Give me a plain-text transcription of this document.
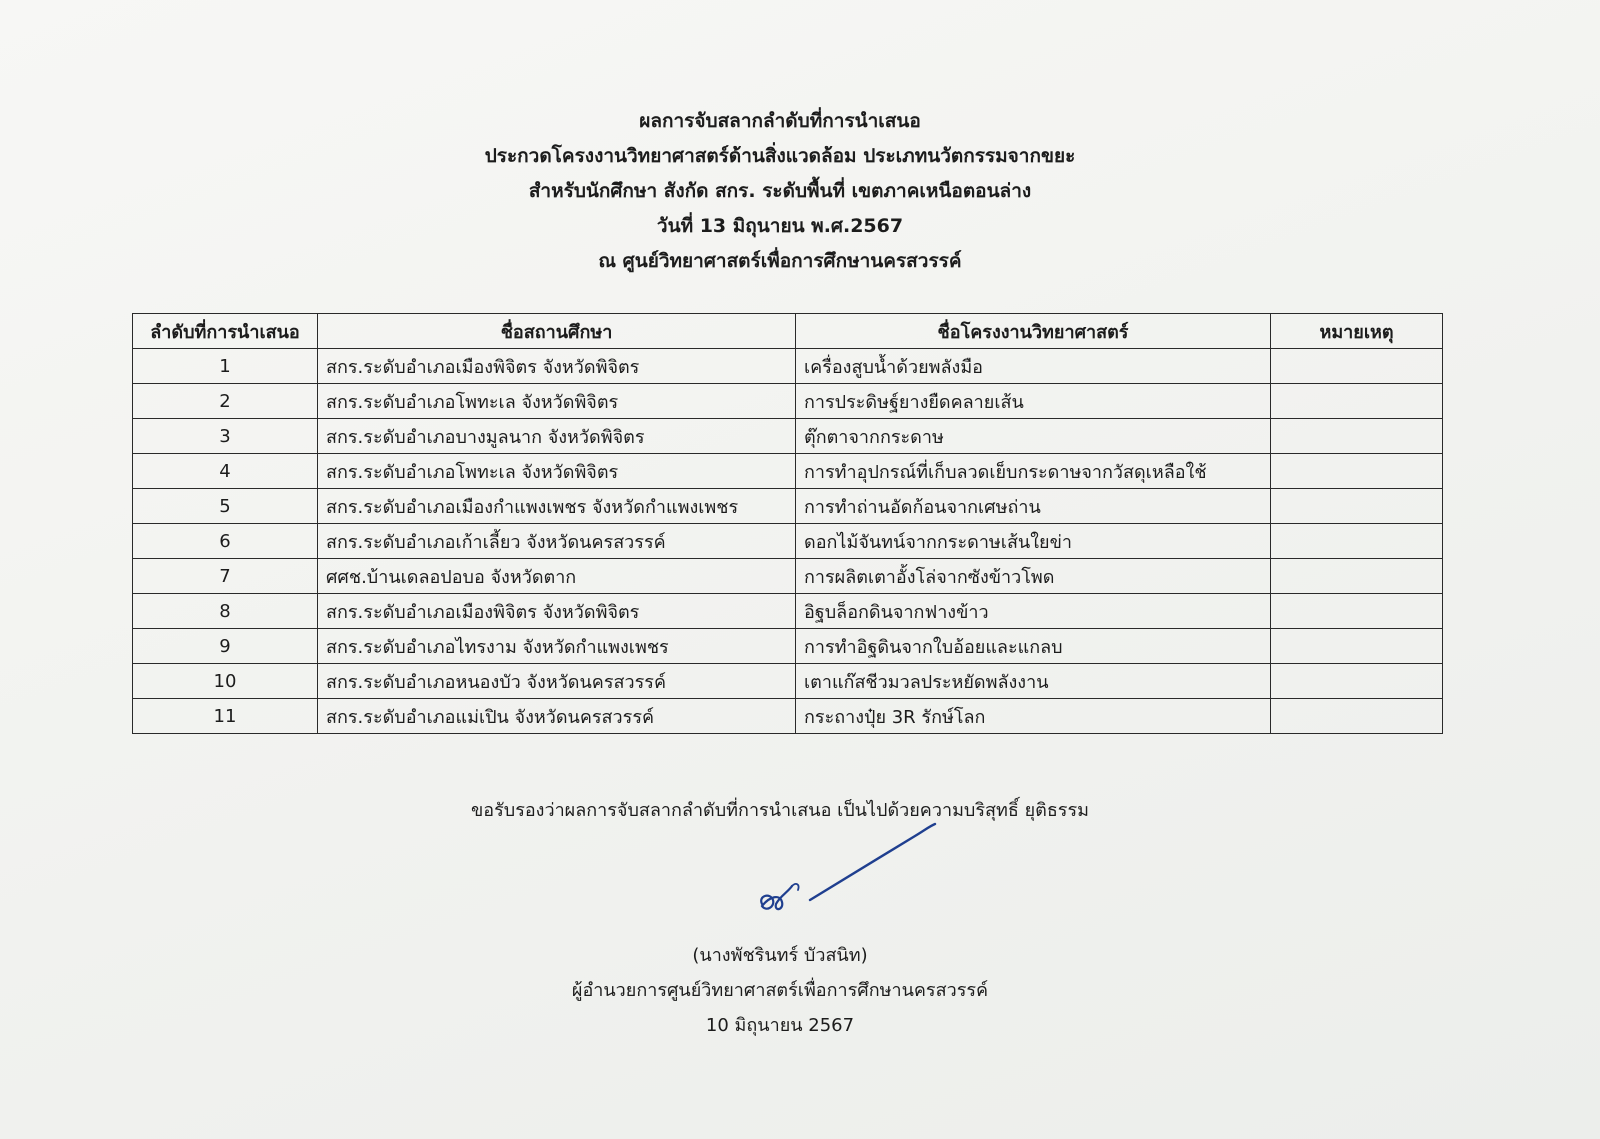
ผลการจับสลากลำดับที่การนำเสนอ
ประกวดโครงงานวิทยาศาสตร์ด้านสิ่งแวดล้อม ประเภทนวัตกรรมจากขยะ
สำหรับนักศึกษา สังกัด สกร. ระดับพื้นที่ เขตภาคเหนือตอนล่าง
วันที่ 13 มิถุนายน พ.ศ.2567
ณ ศูนย์วิทยาศาสตร์เพื่อการศึกษานครสวรรค์
ลำดับที่การนำเสนอ	ชื่อสถานศึกษา	ชื่อโครงงานวิทยาศาสตร์	หมายเหตุ
1	สกร.ระดับอำเภอเมืองพิจิตร จังหวัดพิจิตร	เครื่องสูบน้ำด้วยพลังมือ	
2	สกร.ระดับอำเภอโพทะเล จังหวัดพิจิตร	การประดิษฐ์ยางยืดคลายเส้น	
3	สกร.ระดับอำเภอบางมูลนาก จังหวัดพิจิตร	ตุ๊กตาจากกระดาษ	
4	สกร.ระดับอำเภอโพทะเล จังหวัดพิจิตร	การทำอุปกรณ์ที่เก็บลวดเย็บกระดาษจากวัสดุเหลือใช้	
5	สกร.ระดับอำเภอเมืองกำแพงเพชร จังหวัดกำแพงเพชร	การทำถ่านอัดก้อนจากเศษถ่าน	
6	สกร.ระดับอำเภอเก้าเลี้ยว จังหวัดนครสวรรค์	ดอกไม้จันทน์จากกระดาษเส้นใยข่า	
7	ศศช.บ้านเดลอปอบอ จังหวัดตาก	การผลิตเตาอั้งโล่จากซังข้าวโพด	
8	สกร.ระดับอำเภอเมืองพิจิตร จังหวัดพิจิตร	อิฐบล็อกดินจากฟางข้าว	
9	สกร.ระดับอำเภอไทรงาม จังหวัดกำแพงเพชร	การทำอิฐดินจากใบอ้อยและแกลบ	
10	สกร.ระดับอำเภอหนองบัว จังหวัดนครสวรรค์	เตาแก๊สชีวมวลประหยัดพลังงาน	
11	สกร.ระดับอำเภอแม่เปิน จังหวัดนครสวรรค์	กระถางปุ๋ย 3R รักษ์โลก	
ขอรับรองว่าผลการจับสลากลำดับที่การนำเสนอ เป็นไปด้วยความบริสุทธิ์ ยุติธรรม
(นางพัชรินทร์ บัวสนิท)
ผู้อำนวยการศูนย์วิทยาศาสตร์เพื่อการศึกษานครสวรรค์
10 มิถุนายน 2567
